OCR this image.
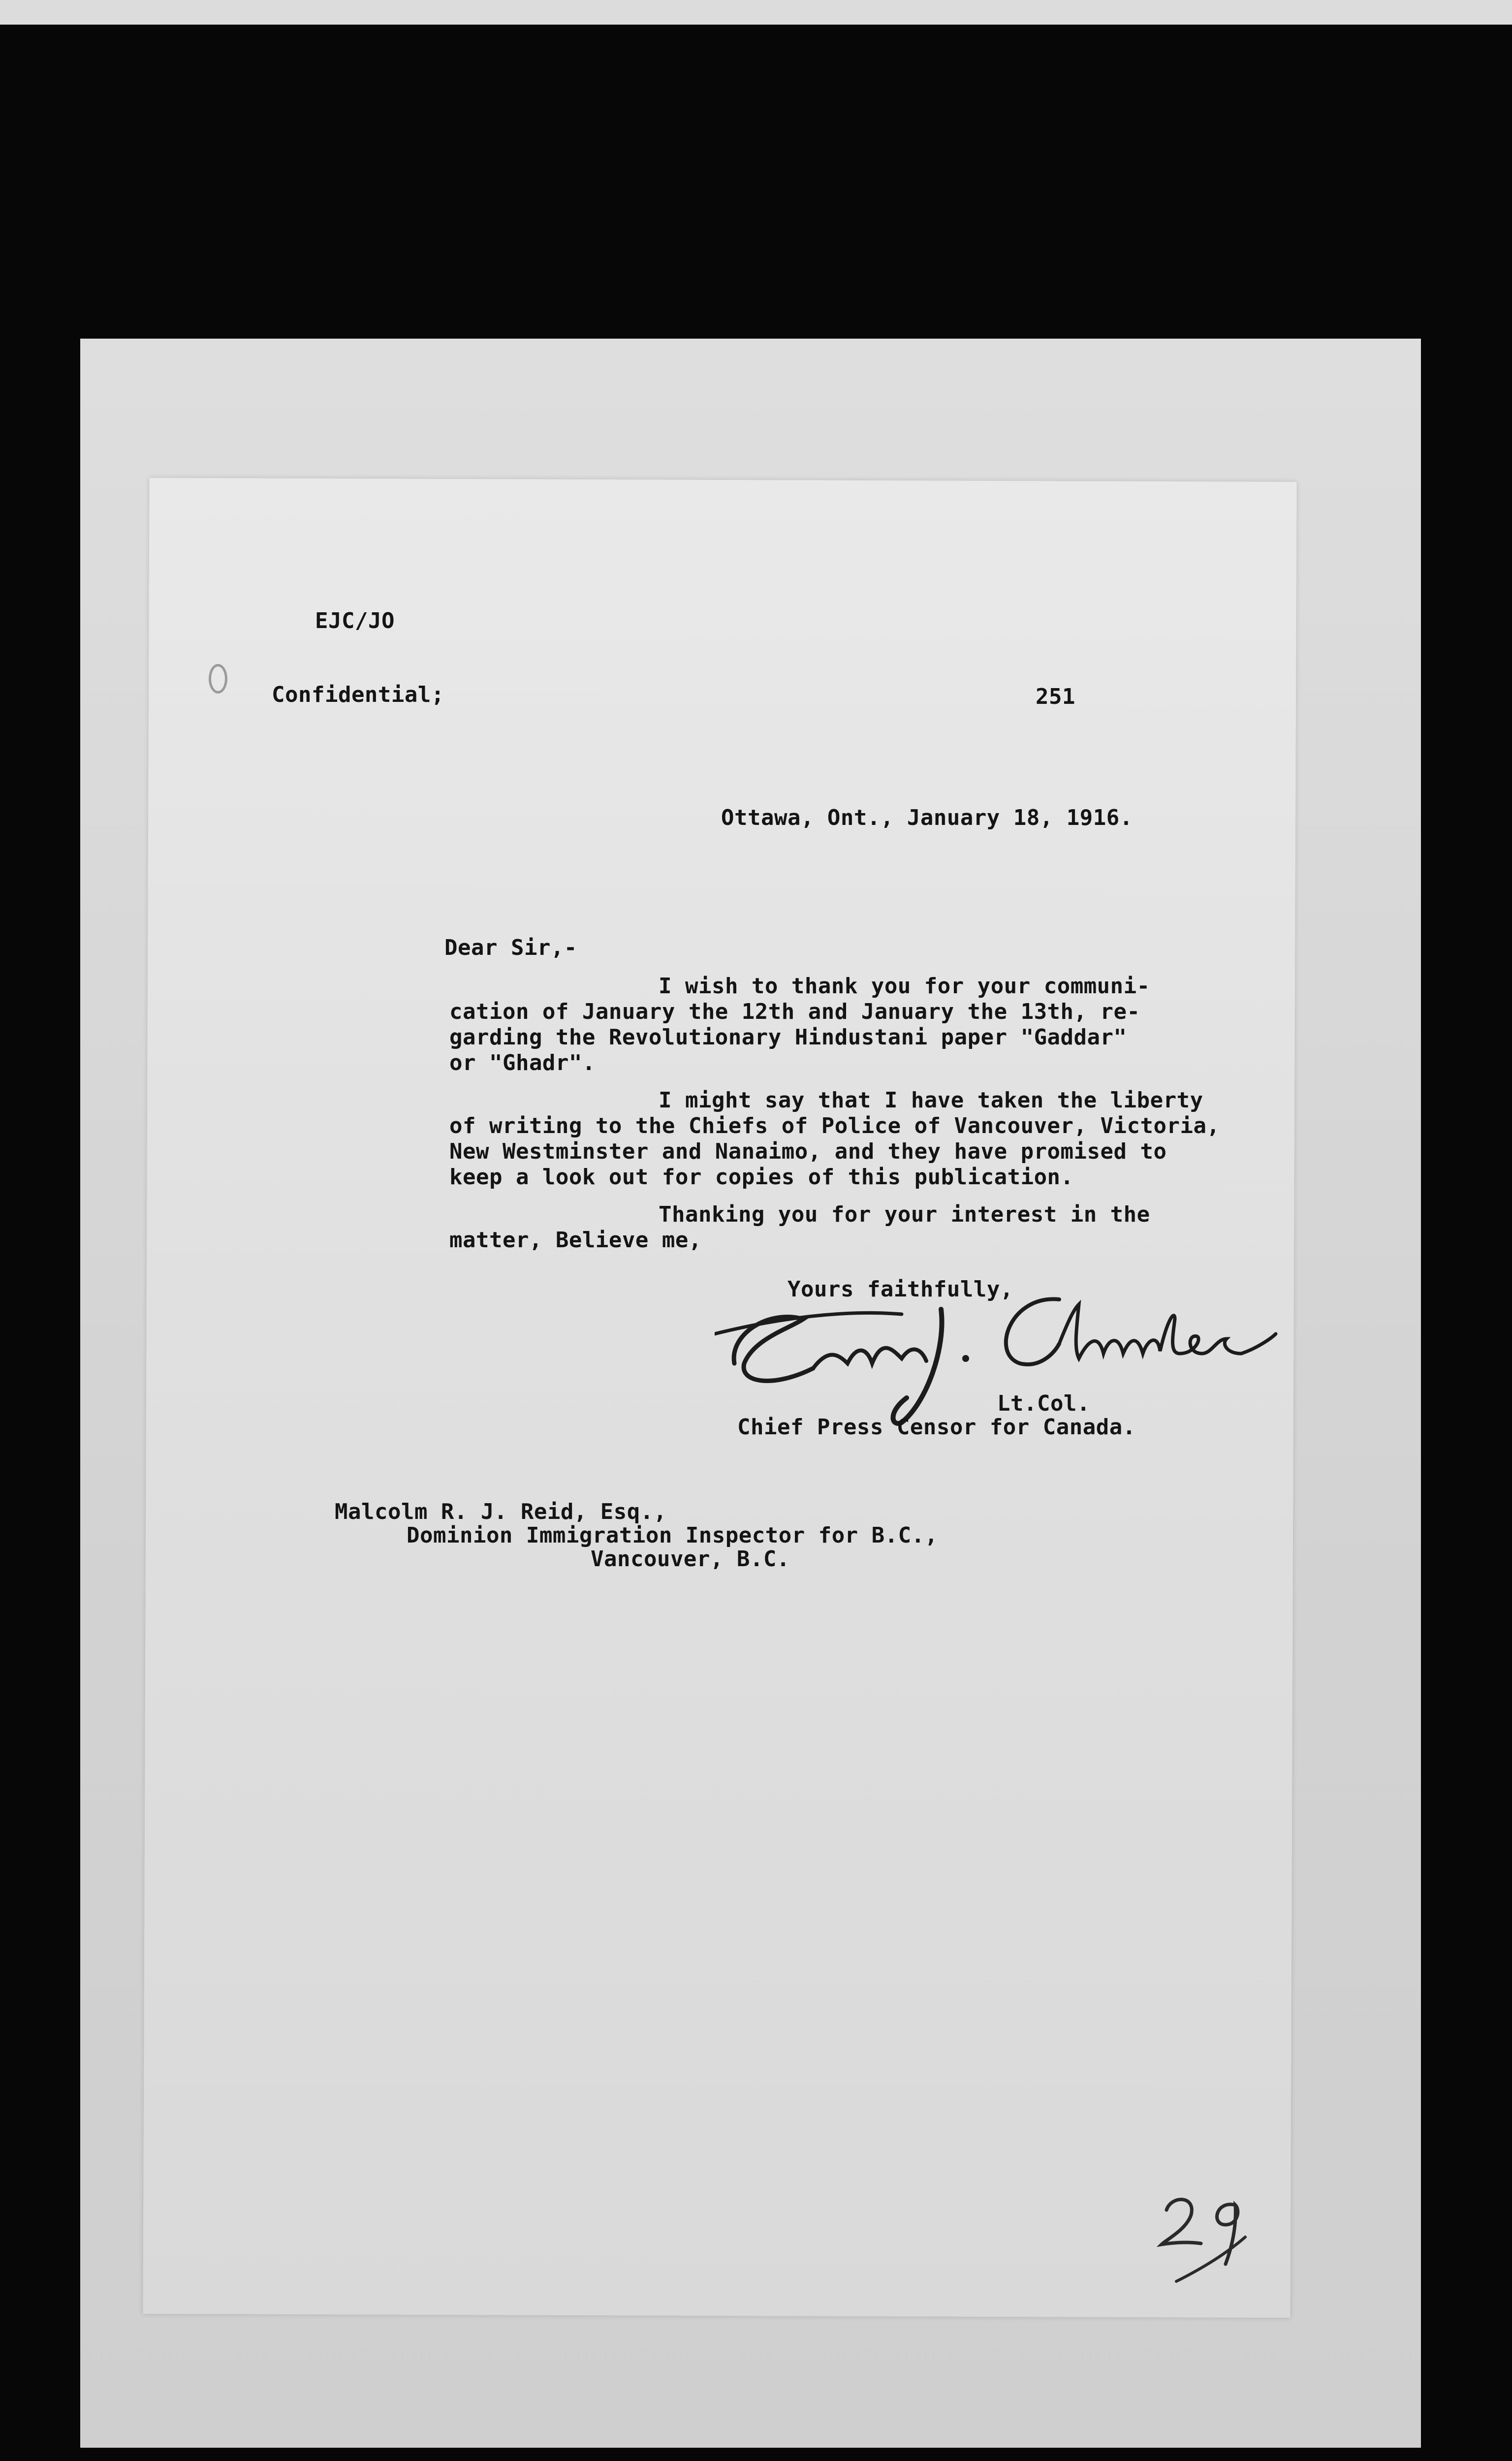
EJC/JO

Confidential;	251

Ottawa, Ont., January 18, 1916.

Dear Sir,-

I wish to thank you for your communi-

cation of January the 12th and January the 13th, re-

garding the Revolutionary Hindustani paper "Gaddar"

or "Ghadr".

I might say that I have taken the liberty

of writing to the Chiefs of Police of Vancouver, Victoria,

New Westminster and Nanaimo, and they have promised to

keep a look out for copies of this publication.

Thanking you for your interest in the

matter, Believe me,

Yours faithfully,

Lt.Col.

Chief Press Censor for Canada.

Malcolm R. J. Reid, Esq.,

Dominion Immigration Inspector for B.C.,

Vancouver, B.C.
